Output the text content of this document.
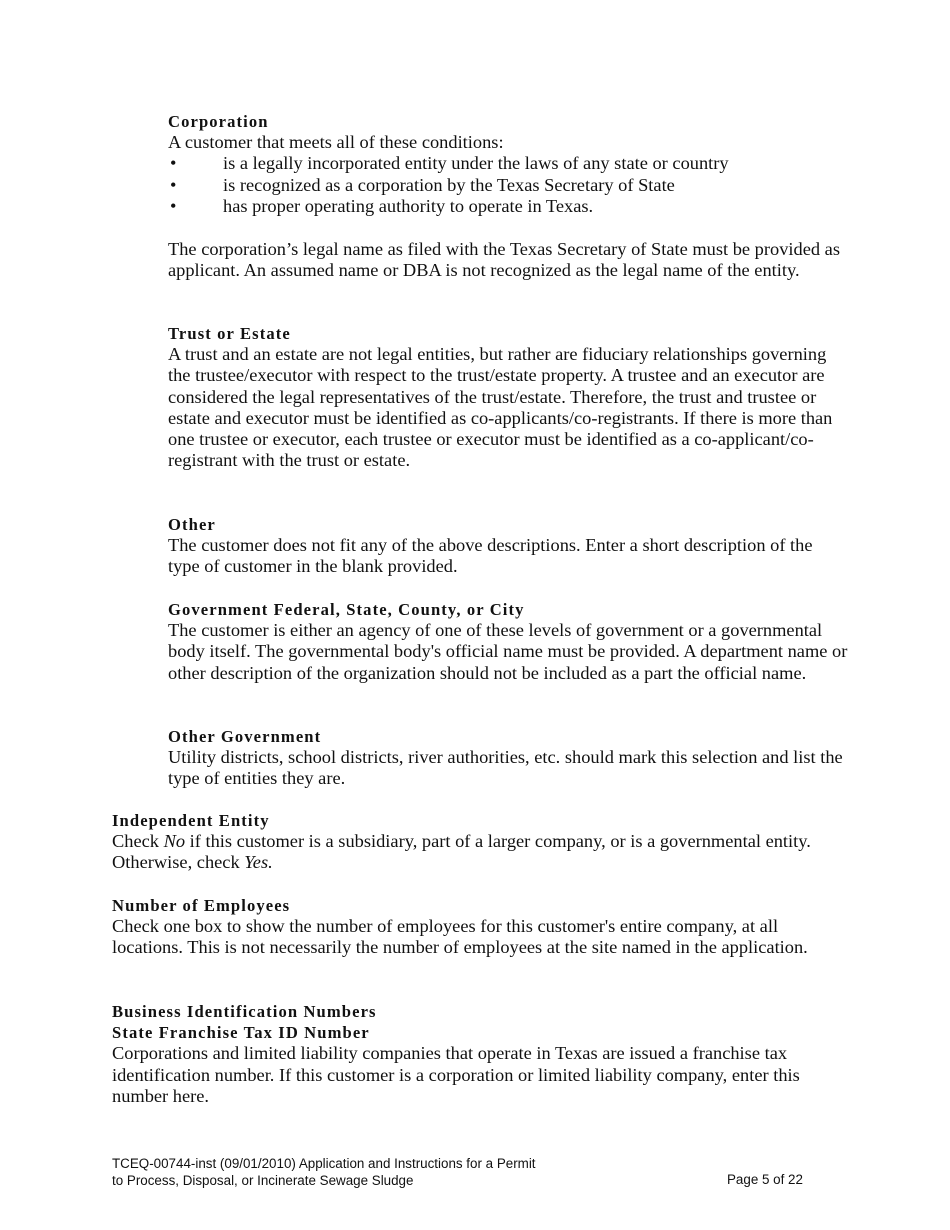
Corporation

A customer that meets all of these conditions:

•	is a legally incorporated entity under the laws of any state or country
•	is recognized as a corporation by the Texas Secretary of State
•	has proper operating authority to operate in Texas.

The corporation’s legal name as filed with the Texas Secretary of State must be provided as applicant. An assumed name or DBA is not recognized as the legal name of the entity.

Trust or Estate

A trust and an estate are not legal entities, but rather are fiduciary relationships governing the trustee/executor with respect to the trust/estate property. A trustee and an executor are considered the legal representatives of the trust/estate. Therefore, the trust and trustee or estate and executor must be identified as co-applicants/co-registrants. If there is more than one trustee or executor, each trustee or executor must be identified as a co-applicant/co-registrant with the trust or estate.

Other

The customer does not fit any of the above descriptions. Enter a short description of the type of customer in the blank provided.

Government Federal, State, County, or City

The customer is either an agency of one of these levels of government or a governmental body itself. The governmental body's official name must be provided. A department name or other description of the organization should not be included as a part the official name.

Other Government

Utility districts, school districts, river authorities, etc. should mark this selection and list the type of entities they are.

Independent Entity

Check No if this customer is a subsidiary, part of a larger company, or is a governmental entity. Otherwise, check Yes.

Number of Employees

Check one box to show the number of employees for this customer's entire company, at all locations. This is not necessarily the number of employees at the site named in the application.

Business Identification Numbers
State Franchise Tax ID Number

Corporations and limited liability companies that operate in Texas are issued a franchise tax identification number. If this customer is a corporation or limited liability company, enter this number here.

TCEQ-00744-inst (09/01/2010) Application and Instructions for a Permit
to Process, Disposal, or Incinerate Sewage Sludge	Page 5 of 22
